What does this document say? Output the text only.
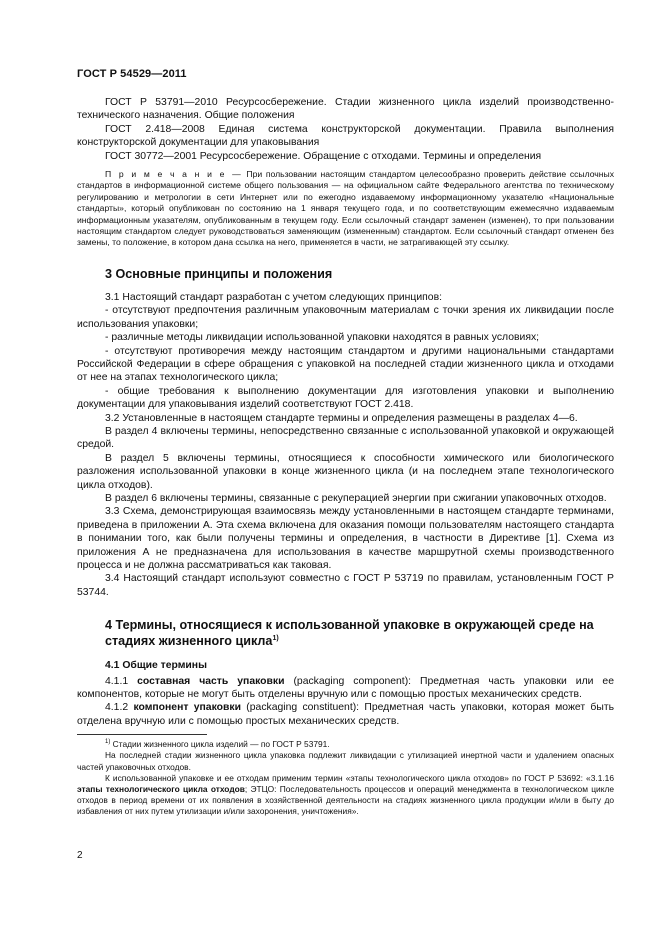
ГОСТ Р 54529—2011

ГОСТ Р 53791—2010 Ресурсосбережение. Стадии жизненного цикла изделий производственно-технического назначения. Общие положения

ГОСТ 2.418—2008 Единая система конструкторской документации. Правила выполнения конструкторской документации для упаковывания

ГОСТ 30772—2001 Ресурсосбережение. Обращение с отходами. Термины и определения

П р и м е ч а н и е — При пользовании настоящим стандартом целесообразно проверить действие ссылочных стандартов в информационной системе общего пользования — на официальном сайте Федерального агентства по техническому регулированию и метрологии в сети Интернет или по ежегодно издаваемому информационному указателю «Национальные стандарты», который опубликован по состоянию на 1 января текущего года, и по соответствующим ежемесячно издаваемым информационным указателям, опубликованным в текущем году. Если ссылочный стандарт заменен (изменен), то при пользовании настоящим стандартом следует руководствоваться заменяющим (измененным) стандартом. Если ссылочный стандарт отменен без замены, то положение, в котором дана ссылка на него, применяется в части, не затрагивающей эту ссылку.
3 Основные принципы и положения

3.1 Настоящий стандарт разработан с учетом следующих принципов:

- отсутствуют предпочтения различным упаковочным материалам с точки зрения их ликвидации после использования упаковки;

- различные методы ликвидации использованной упаковки находятся в равных условиях;

- отсутствуют противоречия между настоящим стандартом и другими национальными стандартами Российской Федерации в сфере обращения с упаковкой на последней стадии жизненного цикла и отходами от нее на этапах технологического цикла;

- общие требования к выполнению документации для изготовления упаковки и выполнению документации для упаковывания изделий соответствуют ГОСТ 2.418.

3.2 Установленные в настоящем стандарте термины и определения размещены в разделах 4—6.

В раздел 4 включены термины, непосредственно связанные с использованной упаковкой и окружающей средой.

В раздел 5 включены термины, относящиеся к способности химического или биологического разложения использованной упаковки в конце жизненного цикла (и на последнем этапе технологического цикла отходов).

В раздел 6 включены термины, связанные с рекуперацией энергии при сжигании упаковочных отходов.

3.3 Схема, демонстрирующая взаимосвязь между установленными в настоящем стандарте терминами, приведена в приложении А. Эта схема включена для оказания помощи пользователям настоящего стандарта в понимании того, как были получены термины и определения, в частности в Директиве [1]. Схема из приложения А не предназначена для использования в качестве маршрутной схемы производственного процесса и не должна рассматриваться как таковая.

3.4 Настоящий стандарт используют совместно с ГОСТ Р 53719 по правилам, установленным ГОСТ Р 53744.

4 Термины, относящиеся к использованной упаковке в окружающей среде на стадиях жизненного цикла$^{1)}$
4.1 Общие термины

4.1.1 составная часть упаковки (packaging component): Предметная часть упаковки или ее компонентов, которые не могут быть отделены вручную или с помощью простых механических средств.

4.1.2 компонент упаковки (packaging constituent): Предметная часть упаковки, которая может быть отделена вручную или с помощью простых механических средств.

$^{1)}$ Стадии жизненного цикла изделий — по ГОСТ Р 53791.
На последней стадии жизненного цикла упаковка подлежит ликвидации с утилизацией инертной части и удалением опасных частей упаковочных отходов.
К использованной упаковке и ее отходам применим термин «этапы технологического цикла отходов» по ГОСТ Р 53692: «3.1.16 этапы технологического цикла отходов; ЭТЦО: Последовательность процессов и операций менеджмента в технологическом цикле отходов в период времени от их появления в хозяйственной деятельности на стадиях жизненного цикла продукции и/или в быту до избавления от них путем утилизации и/или захоронения, уничтожения».
2
